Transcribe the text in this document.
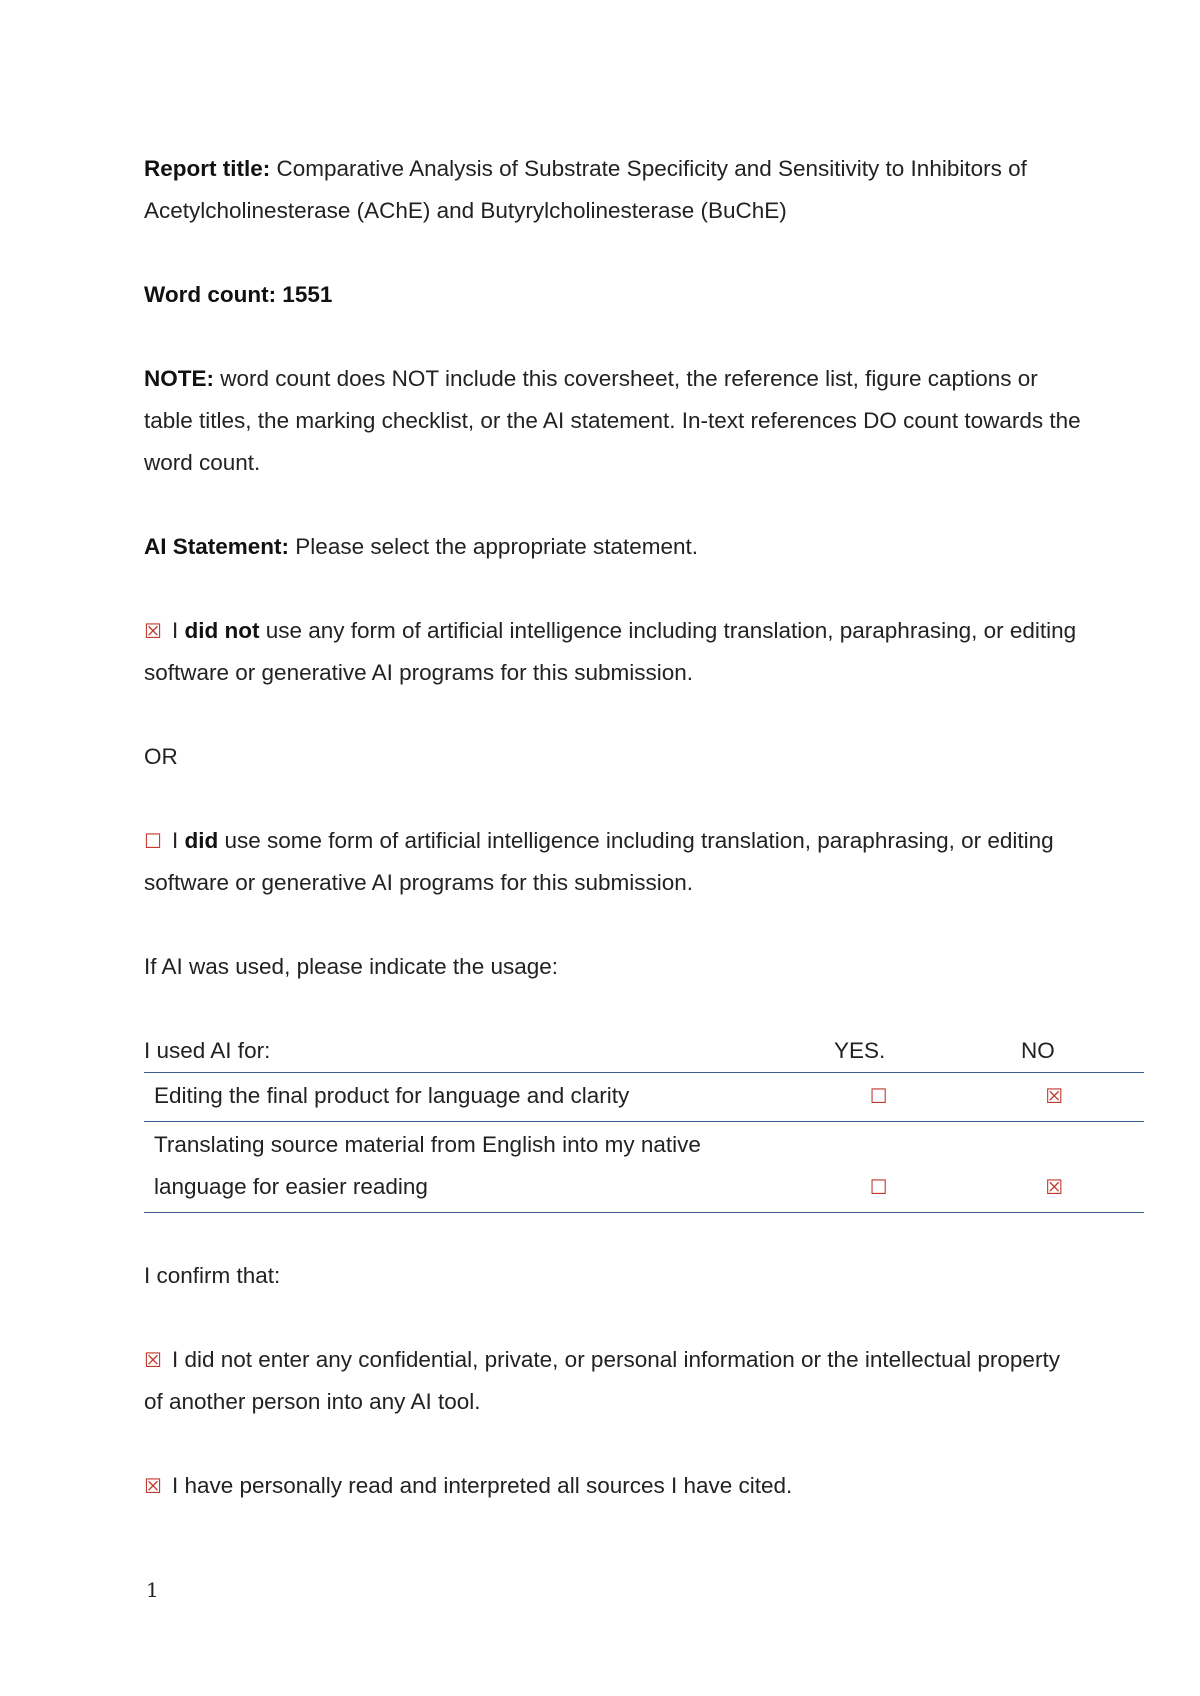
Report title: Comparative Analysis of Substrate Specificity and Sensitivity to Inhibitors of Acetylcholinesterase (AChE) and Butyrylcholinesterase (BuChE)

Word count: 1551

NOTE: word count does NOT include this coversheet, the reference list, figure captions or table titles, the marking checklist, or the AI statement. In-text references DO count towards the word count.

AI Statement: Please select the appropriate statement.

☒ I did not use any form of artificial intelligence including translation, paraphrasing, or editing software or generative AI programs for this submission.

OR

☐ I did use some form of artificial intelligence including translation, paraphrasing, or editing software or generative AI programs for this submission.

If AI was used, please indicate the usage:

I used AI for:	YES.	NO
Editing the final product for language and clarity	☐	☒
Translating source material from English into my native language for easier reading	☐	☒

I confirm that:

☒ I did not enter any confidential, private, or personal information or the intellectual property of another person into any AI tool.

☒ I have personally read and interpreted all sources I have cited.

1
